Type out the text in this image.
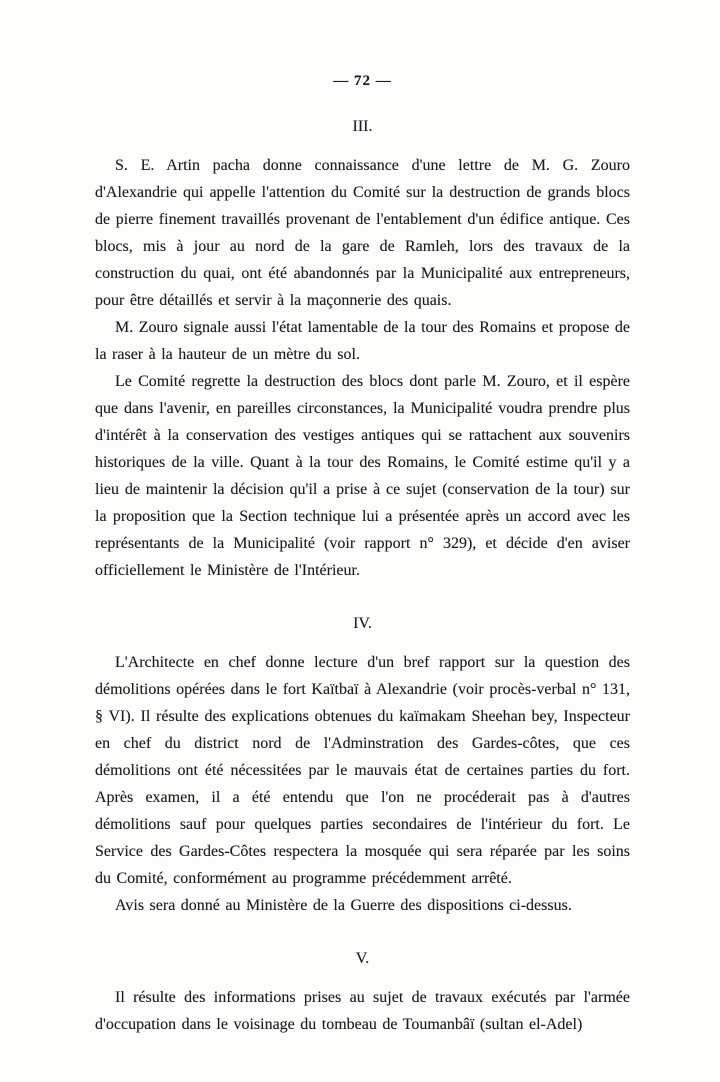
— 72 —
III.

S. E. Artin pacha donne connaissance d'une lettre de M. G. Zouro d'Alexandrie qui appelle l'attention du Comité sur la destruction de grands blocs de pierre finement travaillés provenant de l'entablement d'un édifice antique. Ces blocs, mis à jour au nord de la gare de Ramleh, lors des travaux de la construction du quai, ont été abandonnés par la Municipalité aux entrepreneurs, pour être détaillés et servir à la maçonnerie des quais.

M. Zouro signale aussi l'état lamentable de la tour des Romains et propose de la raser à la hauteur de un mètre du sol.

Le Comité regrette la destruction des blocs dont parle M. Zouro, et il espère que dans l'avenir, en pareilles circonstances, la Municipalité voudra prendre plus d'intérêt à la conservation des vestiges antiques qui se rattachent aux souvenirs historiques de la ville. Quant à la tour des Romains, le Comité estime qu'il y a lieu de maintenir la décision qu'il a prise à ce sujet (conservation de la tour) sur la proposition que la Section technique lui a présentée après un accord avec les représentants de la Municipalité (voir rapport n° 329), et décide d'en aviser officiellement le Ministère de l'Intérieur.

IV.

L'Architecte en chef donne lecture d'un bref rapport sur la question des démolitions opérées dans le fort Kaïtbaï à Alexandrie (voir procès-verbal n° 131, § VI). Il résulte des explications obtenues du kaïmakam Sheehan bey, Inspecteur en chef du district nord de l'Adminstration des Gardes-côtes, que ces démolitions ont été nécessitées par le mauvais état de certaines parties du fort. Après examen, il a été entendu que l'on ne procéderait pas à d'autres démolitions sauf pour quelques parties secondaires de l'intérieur du fort. Le Service des Gardes-Côtes respectera la mosquée qui sera réparée par les soins du Comité, conformément au programme précédemment arrêté.

Avis sera donné au Ministère de la Guerre des dispositions ci-dessus.

V.

Il résulte des informations prises au sujet de travaux exécutés par l'armée d'occupation dans le voisinage du tombeau de Toumanbâï (sultan el-Adel)
